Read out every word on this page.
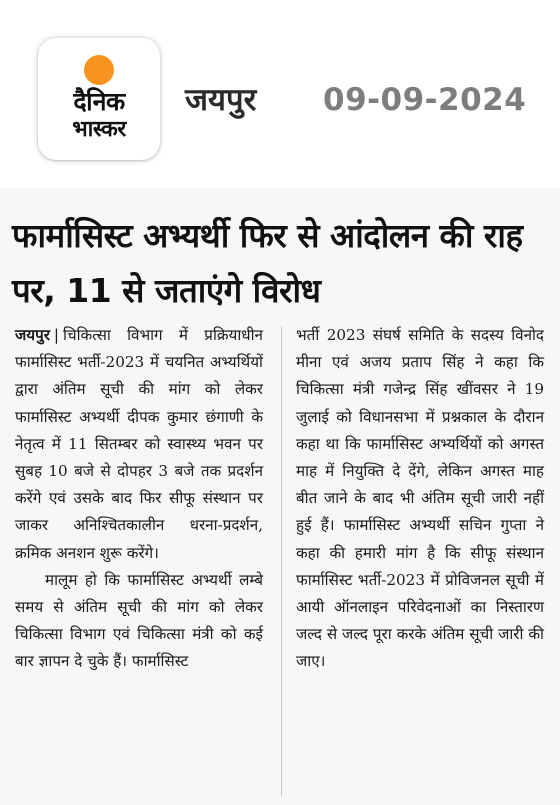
दैनिक
भास्कर
जयपुर 09-09-2024
फार्मासिस्ट अभ्यर्थी फिर से आंदोलन की राह पर, 11 से जताएंगे विरोध

जयपुर | चिकित्सा विभाग में प्रक्रियाधीन फार्मासिस्ट भर्ती-2023 में चयनित अभ्यर्थियों द्वारा अंतिम सूची की मांग को लेकर फार्मासिस्ट अभ्यर्थी दीपक कुमार छंगाणी के नेतृत्व में 11 सितम्बर को स्वास्थ्य भवन पर सुबह 10 बजे से दोपहर 3 बजे तक प्रदर्शन करेंगे एवं उसके बाद फिर सीफू संस्थान पर जाकर अनिश्चितकालीन धरना-प्रदर्शन, क्रमिक अनशन शुरू करेंगे।

मालूम हो कि फार्मासिस्ट अभ्यर्थी लम्बे समय से अंतिम सूची की मांग को लेकर चिकित्सा विभाग एवं चिकित्सा मंत्री को कई बार ज्ञापन दे चुके हैं। फार्मासिस्ट

भर्ती 2023 संघर्ष समिति के सदस्य विनोद मीना एवं अजय प्रताप सिंह ने कहा कि चिकित्सा मंत्री गजेन्द्र सिंह खींवसर ने 19 जुलाई को विधानसभा में प्रश्नकाल के दौरान कहा था कि फार्मासिस्ट अभ्यर्थियों को अगस्त माह में नियुक्ति दे देंगे, लेकिन अगस्त माह बीत जाने के बाद भी अंतिम सूची जारी नहीं हुई हैं। फार्मासिस्ट अभ्यर्थी सचिन गुप्ता ने कहा की हमारी मांग है कि सीफू संस्थान फार्मासिस्ट भर्ती-2023 में प्रोविजनल सूची में आयी ऑनलाइन परिवेदनाओं का निस्तारण जल्द से जल्द पूरा करके अंतिम सूची जारी की जाए।
